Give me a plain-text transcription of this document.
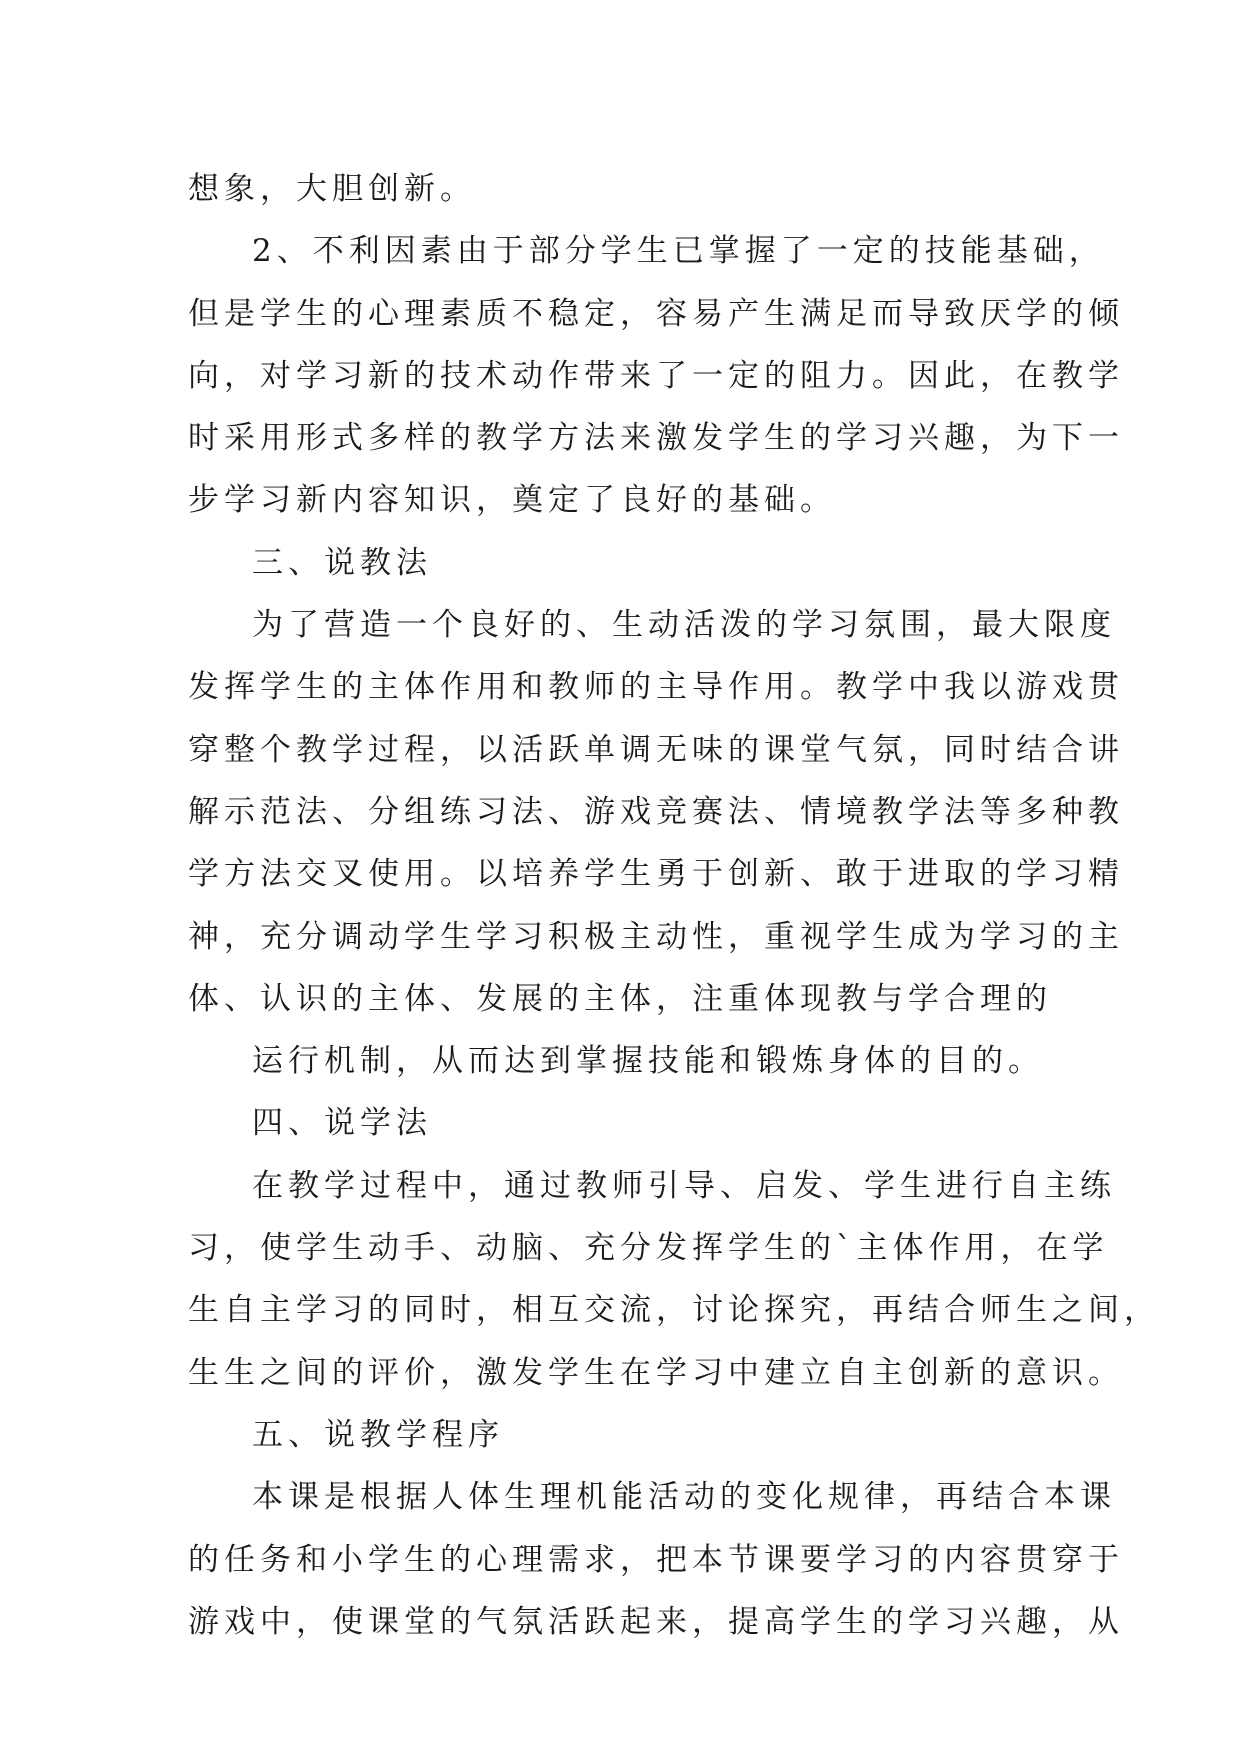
想象，大胆创新。
2、不利因素由于部分学生已掌握了一定的技能基础，
但是学生的心理素质不稳定，容易产生满足而导致厌学的倾
向，对学习新的技术动作带来了一定的阻力。因此，在教学
时采用形式多样的教学方法来激发学生的学习兴趣，为下一
步学习新内容知识，奠定了良好的基础。
三、说教法
为了营造一个良好的、生动活泼的学习氛围，最大限度
发挥学生的主体作用和教师的主导作用。教学中我以游戏贯
穿整个教学过程，以活跃单调无味的课堂气氛，同时结合讲
解示范法、分组练习法、游戏竞赛法、情境教学法等多种教
学方法交叉使用。以培养学生勇于创新、敢于进取的学习精
神，充分调动学生学习积极主动性，重视学生成为学习的主
体、认识的主体、发展的主体，注重体现教与学合理的
运行机制，从而达到掌握技能和锻炼身体的目的。
四、说学法
在教学过程中，通过教师引导、启发、学生进行自主练
习，使学生动手、动脑、充分发挥学生的`主体作用，在学
生自主学习的同时，相互交流，讨论探究，再结合师生之间，
生生之间的评价，激发学生在学习中建立自主创新的意识。
五、说教学程序
本课是根据人体生理机能活动的变化规律，再结合本课
的任务和小学生的心理需求，把本节课要学习的内容贯穿于
游戏中，使课堂的气氛活跃起来，提高学生的学习兴趣，从
